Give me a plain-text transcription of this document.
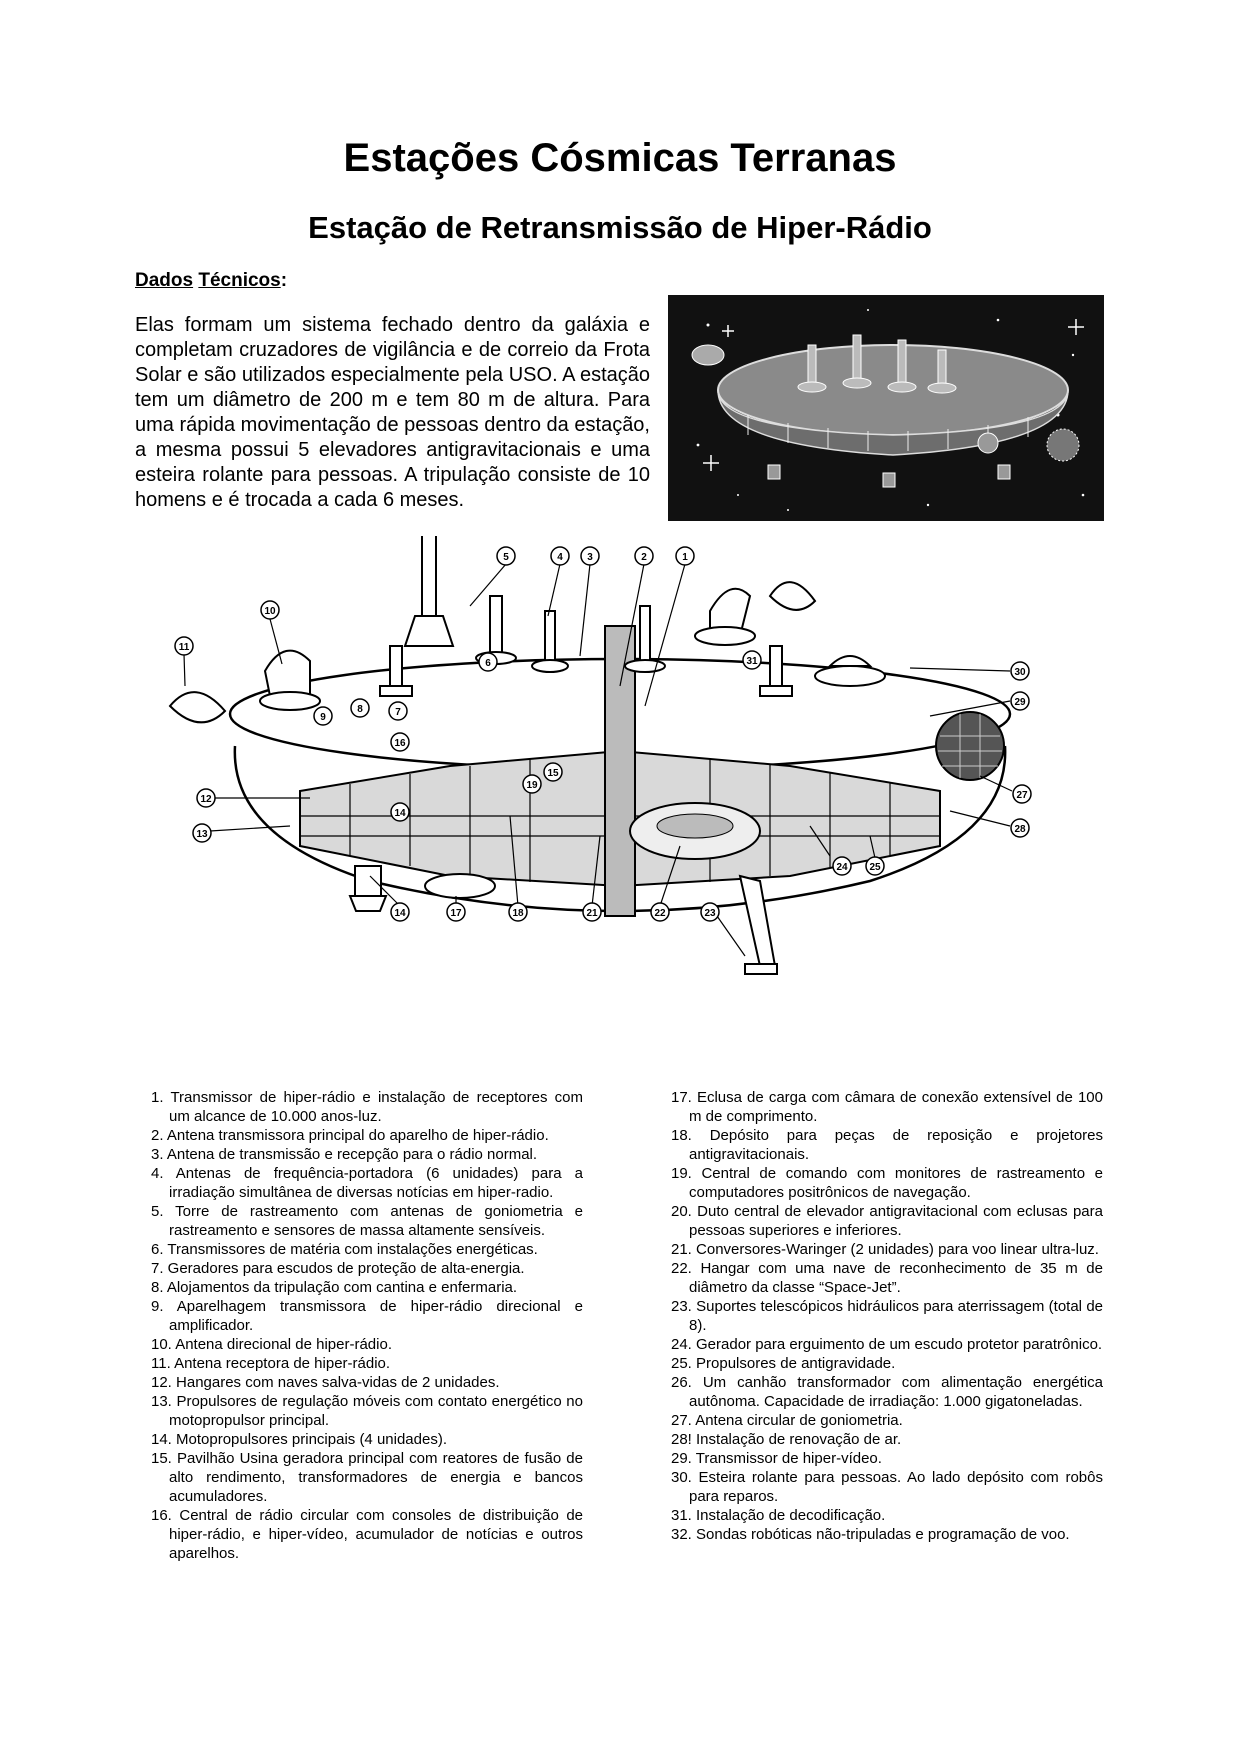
Estações Cósmicas Terranas
Estação de Retransmissão de Hiper-Rádio
Dados Técnicos:

Elas formam um sistema fechado dentro da galáxia e completam cruzadores de vigilância e de correio da Frota Solar e são utilizados especialmente pela USO. A estação tem um diâmetro de 200 m e tem 80 m de altura. Para uma rápida movimentação de pessoas dentro da estação, a mesma possui 5 elevadores antigravitacionais e uma esteira rolante para pessoas. A tripulação consiste de 10 homens e é trocada a cada 6 meses.

5	4 3	2	1
10
11
6
7
8
9
31
15
16
14
19
30
29
27
28
25
24
12
13
14	17	18	21	22	23
1. Transmissor de hiper-rádio e instalação de receptores com um alcance de 10.000 anos-luz.
2. Antena transmissora principal do aparelho de hiper-rádio.
3. Antena de transmissão e recepção para o rádio normal.
4. Antenas de frequência-portadora (6 unidades) para a irradiação simultânea de diversas notícias em hiper-radio.
5. Torre de rastreamento com antenas de goniometria e rastreamento e sensores de massa altamente sensíveis.
6. Transmissores de matéria com instalações energéticas.
7. Geradores para escudos de proteção de alta-energia.
8. Alojamentos da tripulação com cantina e enfermaria.
9. Aparelhagem transmissora de hiper-rádio direcional e amplificador.
10. Antena direcional de hiper-rádio.
11. Antena receptora de hiper-rádio.
12. Hangares com naves salva-vidas de 2 unidades.
13. Propulsores de regulação móveis com contato energético no motopropulsor principal.
14. Motopropulsores principais (4 unidades).
15. Pavilhão Usina geradora principal com reatores de fusão de alto rendimento, transformadores de energia e bancos acumuladores.
16. Central de rádio circular com consoles de distribuição de hiper-rádio, e hiper-vídeo, acumulador de notícias e outros aparelhos.
17. Eclusa de carga com câmara de conexão extensível de 100 m de comprimento.
18. Depósito para peças de reposição e projetores antigravitacionais.
19. Central de comando com monitores de rastreamento e computadores positrônicos de navegação.
20. Duto central de elevador antigravitacional com eclusas para pessoas superiores e inferiores.
21. Conversores-Waringer (2 unidades) para voo linear ultra-luz.
22. Hangar com uma nave de reconhecimento de 35 m de diâmetro da classe “Space-Jet”.
23. Suportes telescópicos hidráulicos para aterrissagem (total de 8).
24. Gerador para erguimento de um escudo protetor paratrônico.
25. Propulsores de antigravidade.
26. Um canhão transformador com alimentação energética autônoma. Capacidade de irradiação: 1.000 gigatoneladas.
27. Antena circular de goniometria.
28! Instalação de renovação de ar.
29. Transmissor de hiper-vídeo.
30. Esteira rolante para pessoas. Ao lado depósito com robôs para reparos.
31. Instalação de decodificação.
32. Sondas robóticas não-tripuladas e programação de voo.
